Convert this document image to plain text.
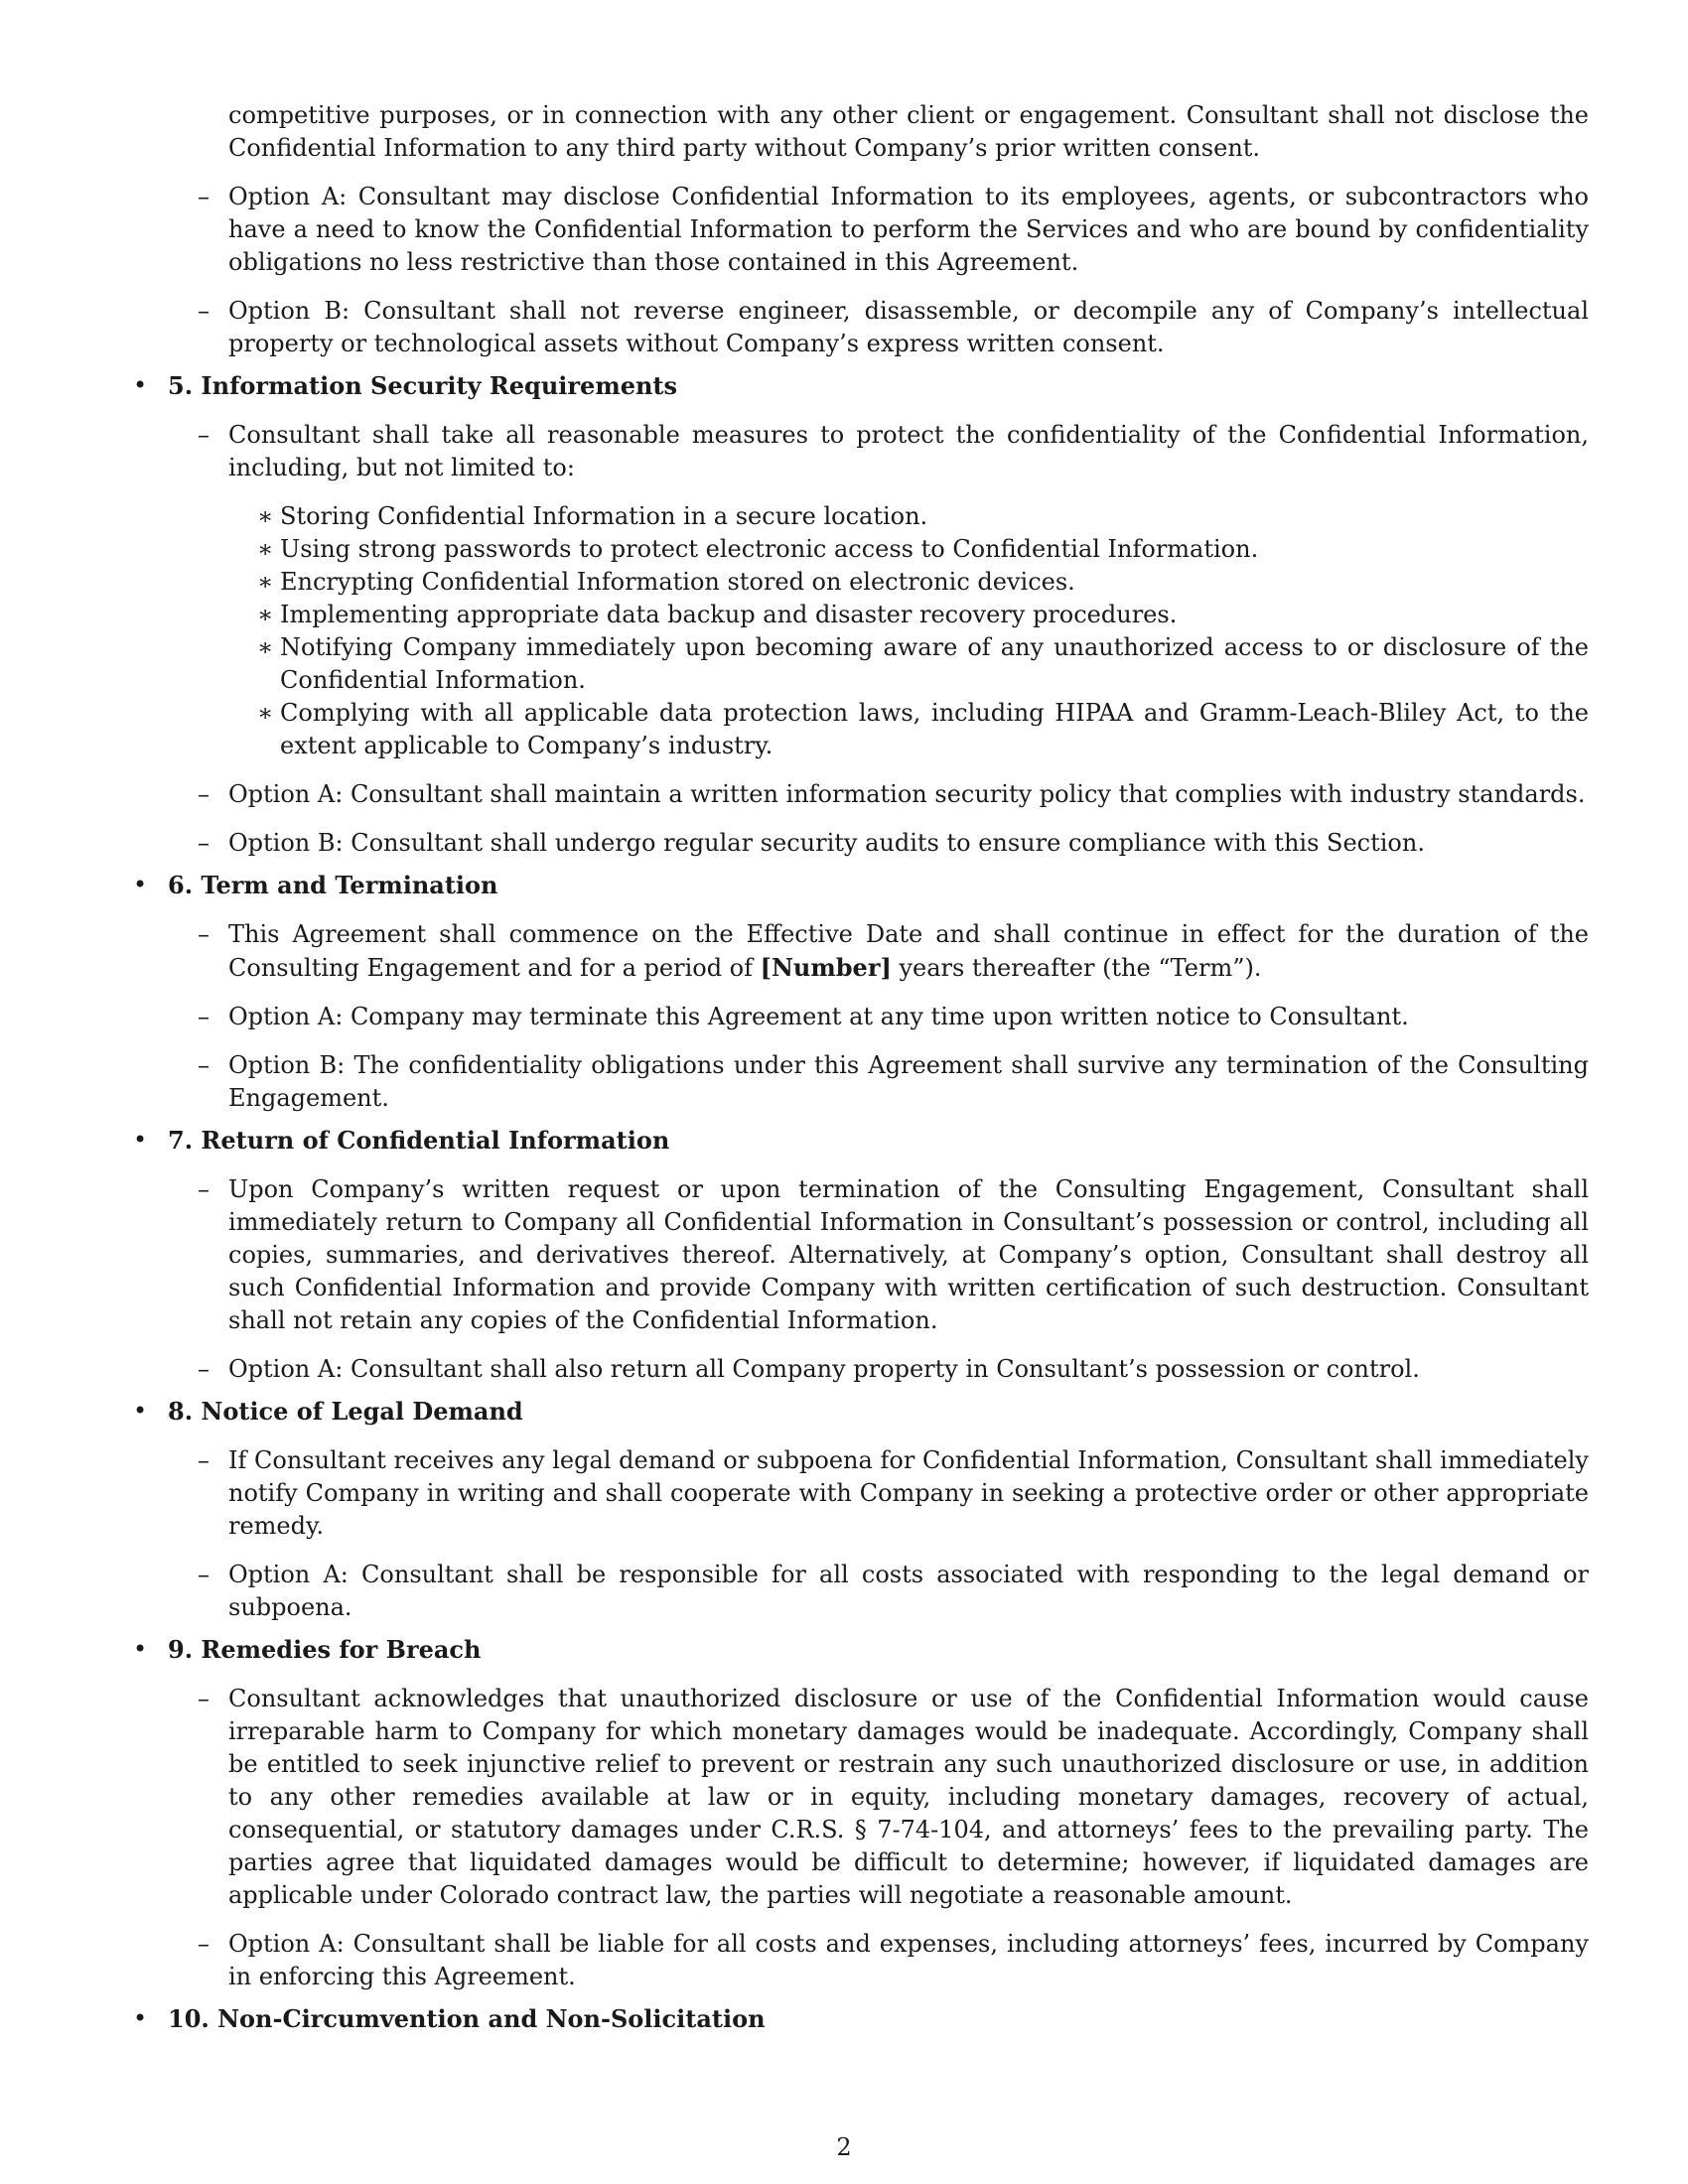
competitive purposes, or in connection with any other client or engagement. Consultant shall not disclose the Confidential Information to any third party without Company’s prior written consent.

– Option A: Consultant may disclose Confidential Information to its employees, agents, or subcontractors who have a need to know the Confidential Information to perform the Services and who are bound by confidentiality obligations no less restrictive than those contained in this Agreement.
– Option B: Consultant shall not reverse engineer, disassemble, or decompile any of Company’s intellectual property or technological assets without Company’s express written consent.
• 5. Information Security Requirements
– Consultant shall take all reasonable measures to protect the confidentiality of the Confidential Information, including, but not limited to:
∗ Storing Confidential Information in a secure location.
∗ Using strong passwords to protect electronic access to Confidential Information.
∗ Encrypting Confidential Information stored on electronic devices.
∗ Implementing appropriate data backup and disaster recovery procedures.
∗ Notifying Company immediately upon becoming aware of any unauthorized access to or disclosure of the Confidential Information.
∗ Complying with all applicable data protection laws, including HIPAA and Gramm-Leach-Bliley Act, to the extent applicable to Company’s industry.
– Option A: Consultant shall maintain a written information security policy that complies with industry standards.
– Option B: Consultant shall undergo regular security audits to ensure compliance with this Section.
• 6. Term and Termination
– This Agreement shall commence on the Effective Date and shall continue in effect for the duration of the Consulting Engagement and for a period of [Number] years thereafter (the “Term”).
– Option A: Company may terminate this Agreement at any time upon written notice to Consultant.
– Option B: The confidentiality obligations under this Agreement shall survive any termination of the Consulting Engagement.
• 7. Return of Confidential Information
– Upon Company’s written request or upon termination of the Consulting Engagement, Consultant shall immediately return to Company all Confidential Information in Consultant’s possession or control, including all copies, summaries, and derivatives thereof. Alternatively, at Company’s option, Consultant shall destroy all such Confidential Information and provide Company with written certification of such destruction. Consultant shall not retain any copies of the Confidential Information.
– Option A: Consultant shall also return all Company property in Consultant’s possession or control.
• 8. Notice of Legal Demand
– If Consultant receives any legal demand or subpoena for Confidential Information, Consultant shall immediately notify Company in writing and shall cooperate with Company in seeking a protective order or other appropriate remedy.
– Option A: Consultant shall be responsible for all costs associated with responding to the legal demand or subpoena.
• 9. Remedies for Breach
– Consultant acknowledges that unauthorized disclosure or use of the Confidential Information would cause irreparable harm to Company for which monetary damages would be inadequate. Accordingly, Company shall be entitled to seek injunctive relief to prevent or restrain any such unauthorized disclosure or use, in addition to any other remedies available at law or in equity, including monetary damages, recovery of actual, consequential, or statutory damages under C.R.S. § 7-74-104, and attorneys’ fees to the prevailing party. The parties agree that liquidated damages would be difficult to determine; however, if liquidated damages are applicable under Colorado contract law, the parties will negotiate a reasonable amount.
– Option A: Consultant shall be liable for all costs and expenses, including attorneys’ fees, incurred by Company in enforcing this Agreement.
• 10. Non-Circumvention and Non-Solicitation
2
